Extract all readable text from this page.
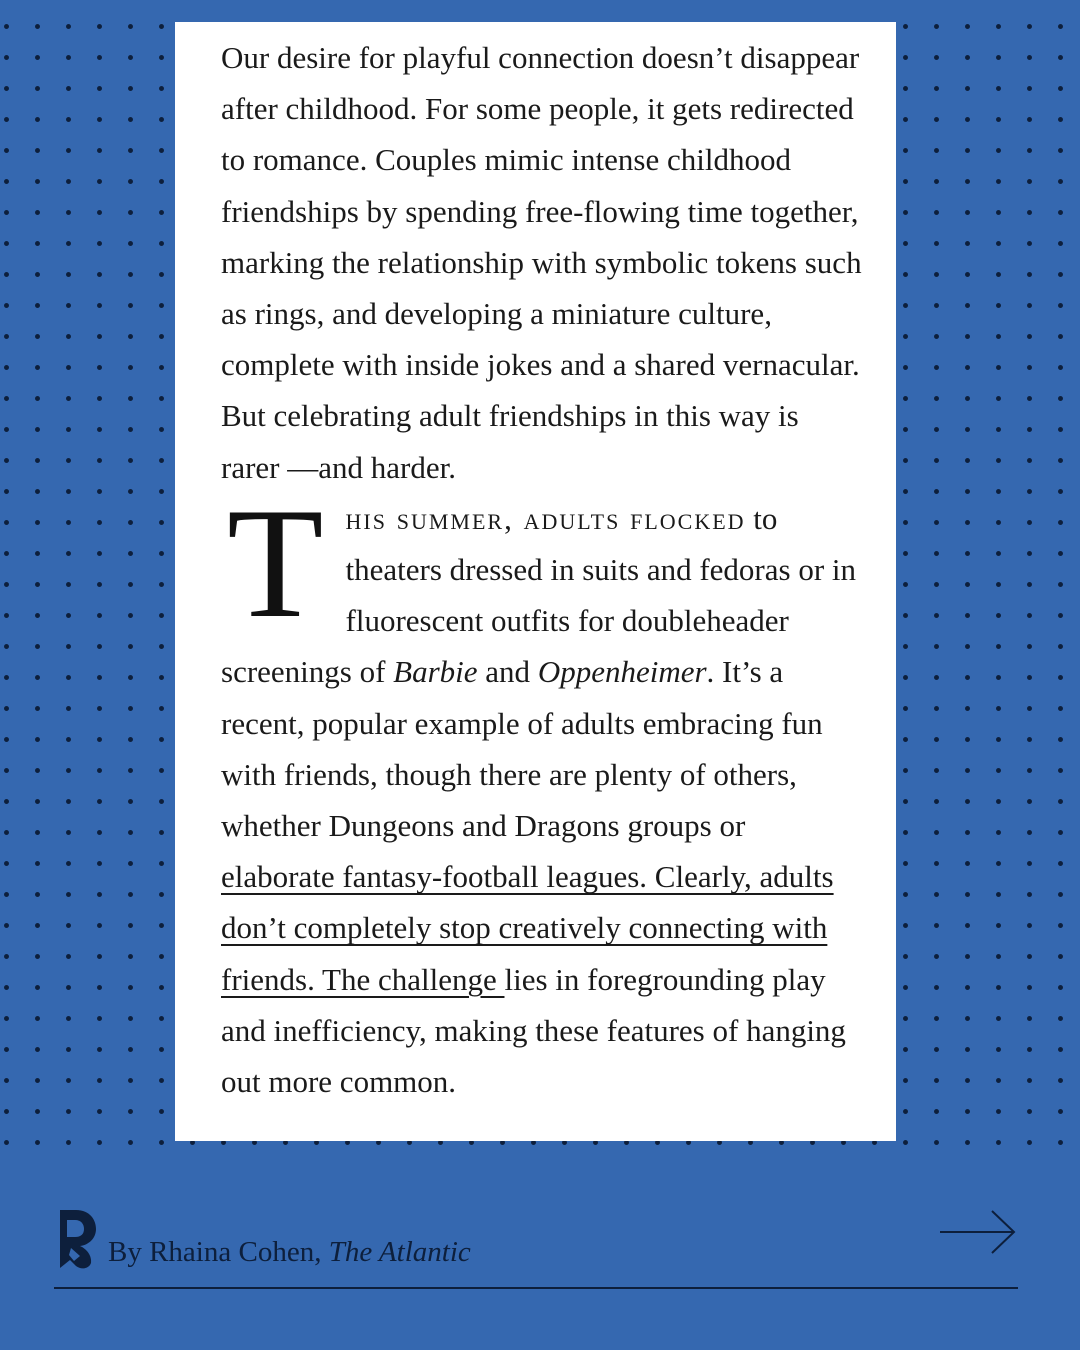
Our desire for playful connection doesn’t disappear after childhood. For some people, it gets redirected to romance. Couples mimic intense childhood friendships by spending free-flowing time together, marking the relationship with symbolic tokens such as rings, and developing a miniature culture, complete with inside jokes and a shared vernacular. But celebrating adult friendships in this way is rarer —and harder.

This summer, adults flocked to theaters dressed in suits and fedoras or in fluorescent outfits for doubleheader screenings of Barbie and Oppenheimer. It’s a recent, popular example of adults embracing fun with friends, though there are plenty of others, whether Dungeons and Dragons groups or elaborate fantasy-football leagues. Clearly, adults don’t completely stop creatively connecting with friends. The challenge lies in foregrounding play and inefficiency, making these features of hanging out more common.

By Rhaina Cohen, The Atlantic
